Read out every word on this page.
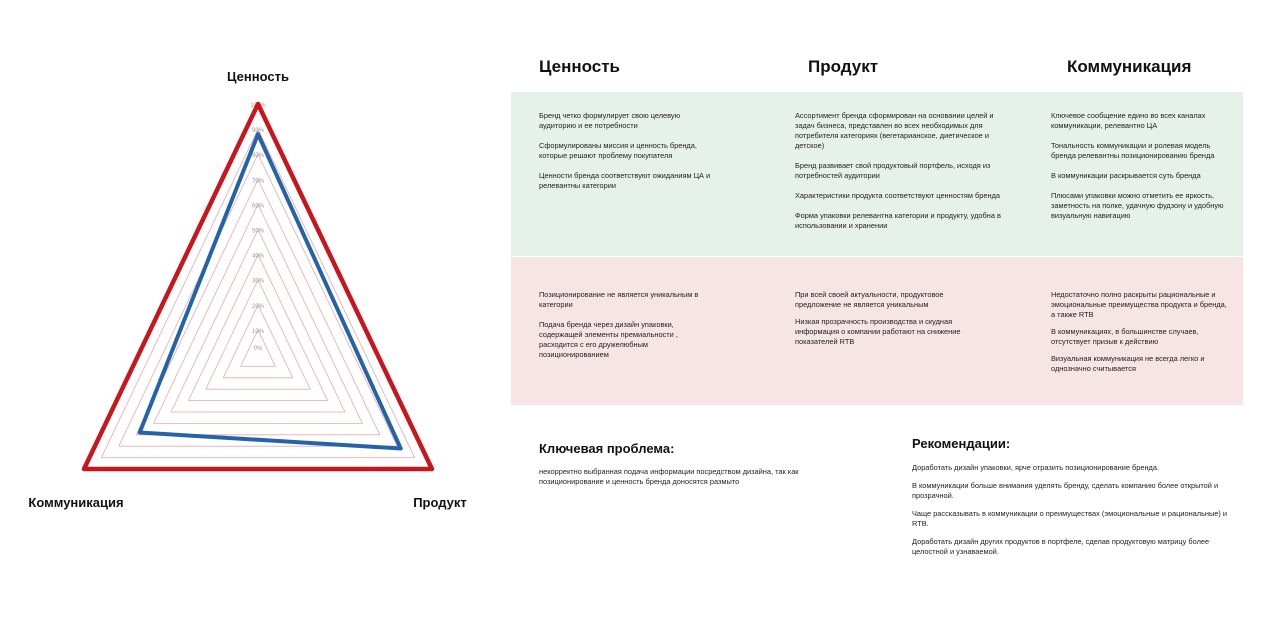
0%
10%
20%
30%
40%
50%
60%
70%
80%
90%
100%
Ценность
Продукт
Коммуникация
Ценность	Продукт	Коммуникация

Бренд четко формулирует свою целевую аудиторию и ее потребности

Сформулированы миссия и ценность бренда, которые решают проблему покупателя

Ценности бренда соответствуют ожиданиям ЦА и релевантны категории

Ассортимент бренда сформирован на основании целей и задач бизнеса, представлен во всех необходимых для потребителя категориях (вегетарианское, диетическое и детское)

Бренд развивает свой продуктовый портфель, исходя из потребностей аудитории

Характеристики продукта соответствуют ценностям бренда

Форма упаковки релевантна категории и продукту, удобна в использовании и хранении

Ключевое сообщение едино во всех каналах коммуникации, релевантно ЦА

Тональность коммуникации и ролевая модель бренда релевантны позиционированию бренда

В коммуникации раскрывается суть бренда

Плюсами упаковки можно отметить ее яркость, заметность на полке, удачную фудзону и удобную
визуальную навигацию

Позиционирование не является уникальным в категории

Подача бренда через дизайн упаковки, содержащей элементы премиальности , расходится с его дружелюбным позиционированием

При всей своей актуальности, продуктовое предложение не является уникальным

Низкая прозрачность производства и скудная информация о компании работают на снижение
показателей RTB

Недостаточно полно раскрыты рациональные и эмоциональные преимущества продукта и бренда, а также RTB

В коммуникациях, в большинстве случаев, отсутствует призыв к действию

Визуальная коммуникация не всегда легко и однозначно считывается

Ключевая проблема:

некорректно выбранная подача информации посредством дизайна, так как позиционирование и ценность бренда доносятся размыто

Рекомендации:

Доработать дизайн упаковки, ярче отразить позиционирование бренда.

В коммуникации больше внимания уделять бренду, сделать компанию более открытой и прозрачной.

Чаще рассказывать в коммуникации о преимуществах (эмоциональные и рациональные) и RTB.

Доработать дизайн других продуктов в портфеле, сделав продуктовую матрицу более целостной и узнаваемой.
